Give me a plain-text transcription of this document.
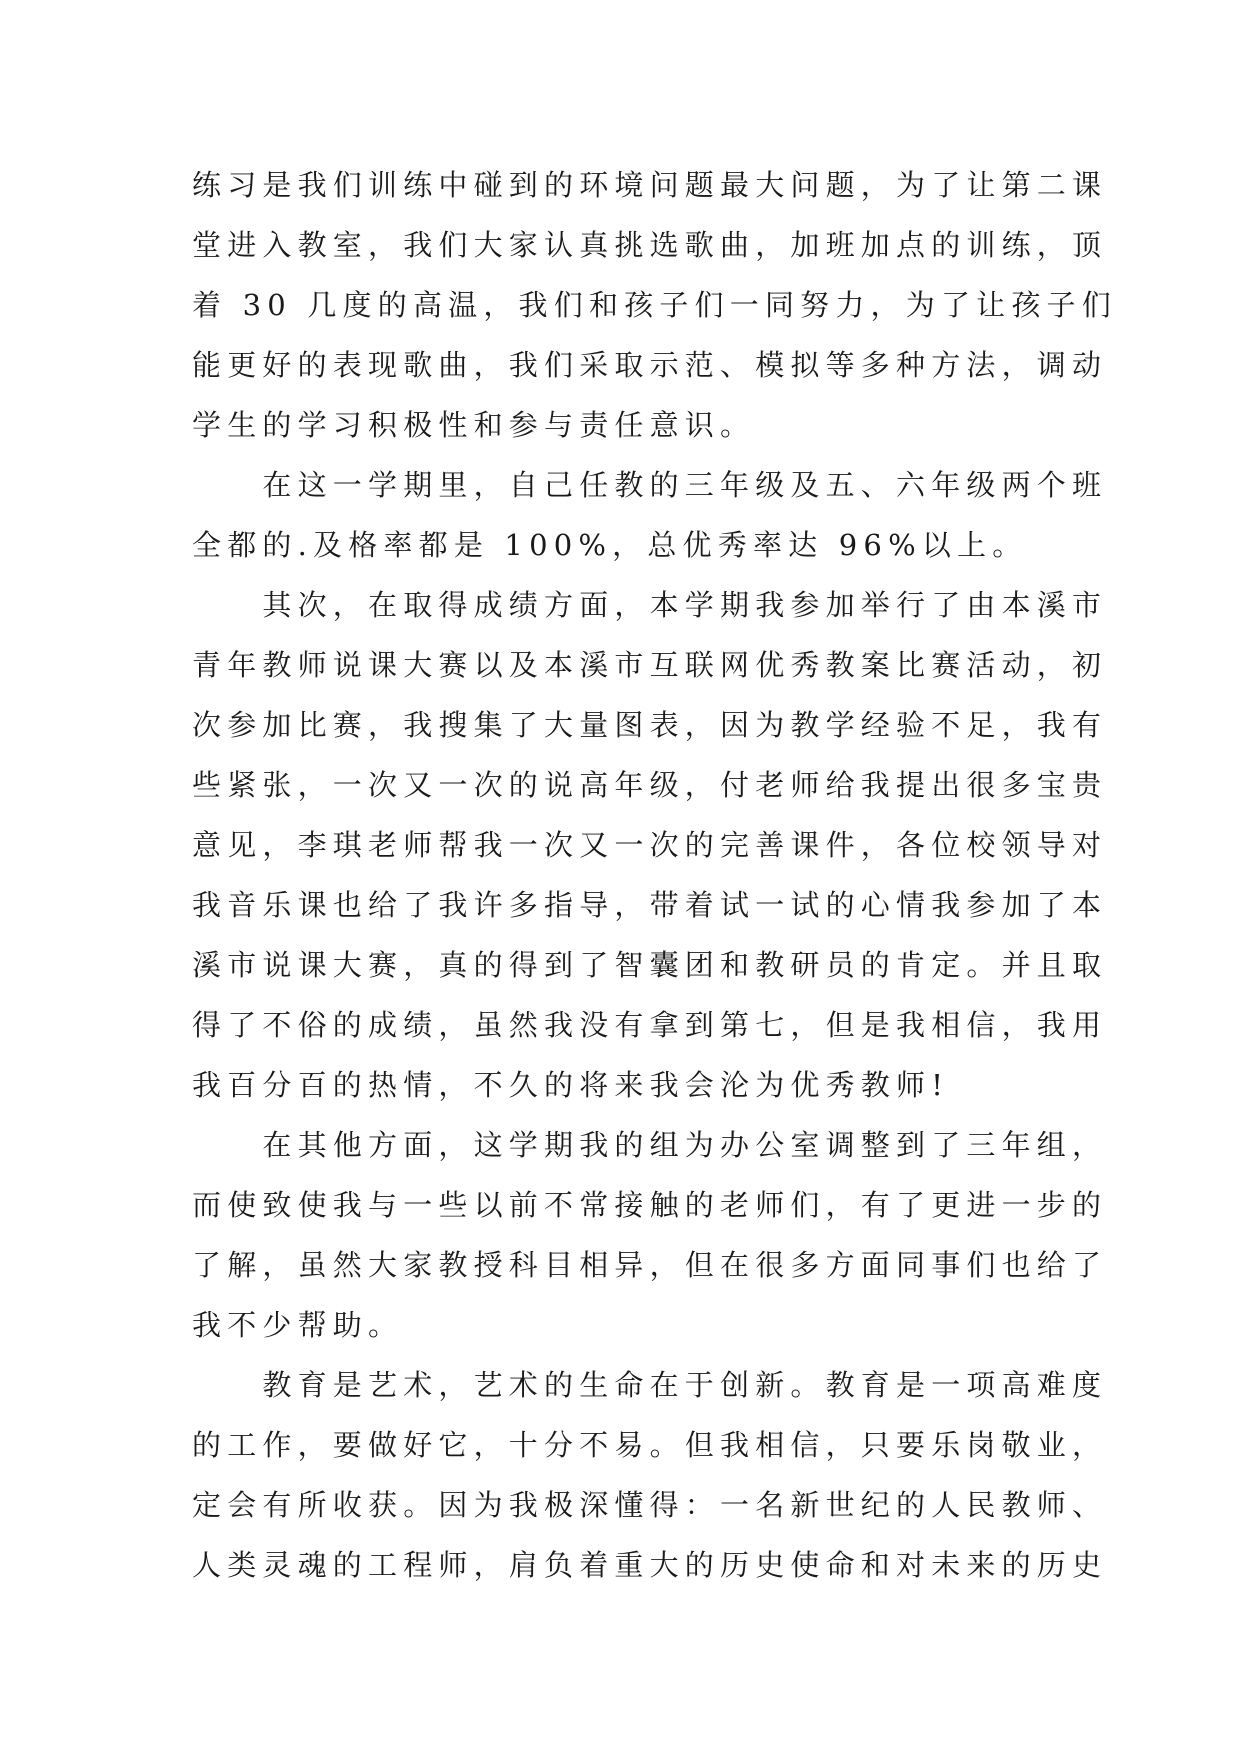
练习是我们训练中碰到的环境问题最大问题，为了让第二课
堂进入教室，我们大家认真挑选歌曲，加班加点的训练，顶
着 30 几度的高温，我们和孩子们一同努力，为了让孩子们
能更好的表现歌曲，我们采取示范、模拟等多种方法，调动
学生的学习积极性和参与责任意识。
　　在这一学期里，自己任教的三年级及五、六年级两个班
全都的.及格率都是 100%，总优秀率达 96%以上。
　　其次，在取得成绩方面，本学期我参加举行了由本溪市
青年教师说课大赛以及本溪市互联网优秀教案比赛活动，初
次参加比赛，我搜集了大量图表，因为教学经验不足，我有
些紧张，一次又一次的说高年级，付老师给我提出很多宝贵
意见，李琪老师帮我一次又一次的完善课件，各位校领导对
我音乐课也给了我许多指导，带着试一试的心情我参加了本
溪市说课大赛，真的得到了智囊团和教研员的肯定。并且取
得了不俗的成绩，虽然我没有拿到第七，但是我相信，我用
我百分百的热情，不久的将来我会沦为优秀教师!
　　在其他方面，这学期我的组为办公室调整到了三年组，
而使致使我与一些以前不常接触的老师们，有了更进一步的
了解，虽然大家教授科目相异，但在很多方面同事们也给了
我不少帮助。
　　教育是艺术，艺术的生命在于创新。教育是一项高难度
的工作，要做好它，十分不易。但我相信，只要乐岗敬业，
定会有所收获。因为我极深懂得：一名新世纪的人民教师、
人类灵魂的工程师，肩负着重大的历史使命和对未来的历史
